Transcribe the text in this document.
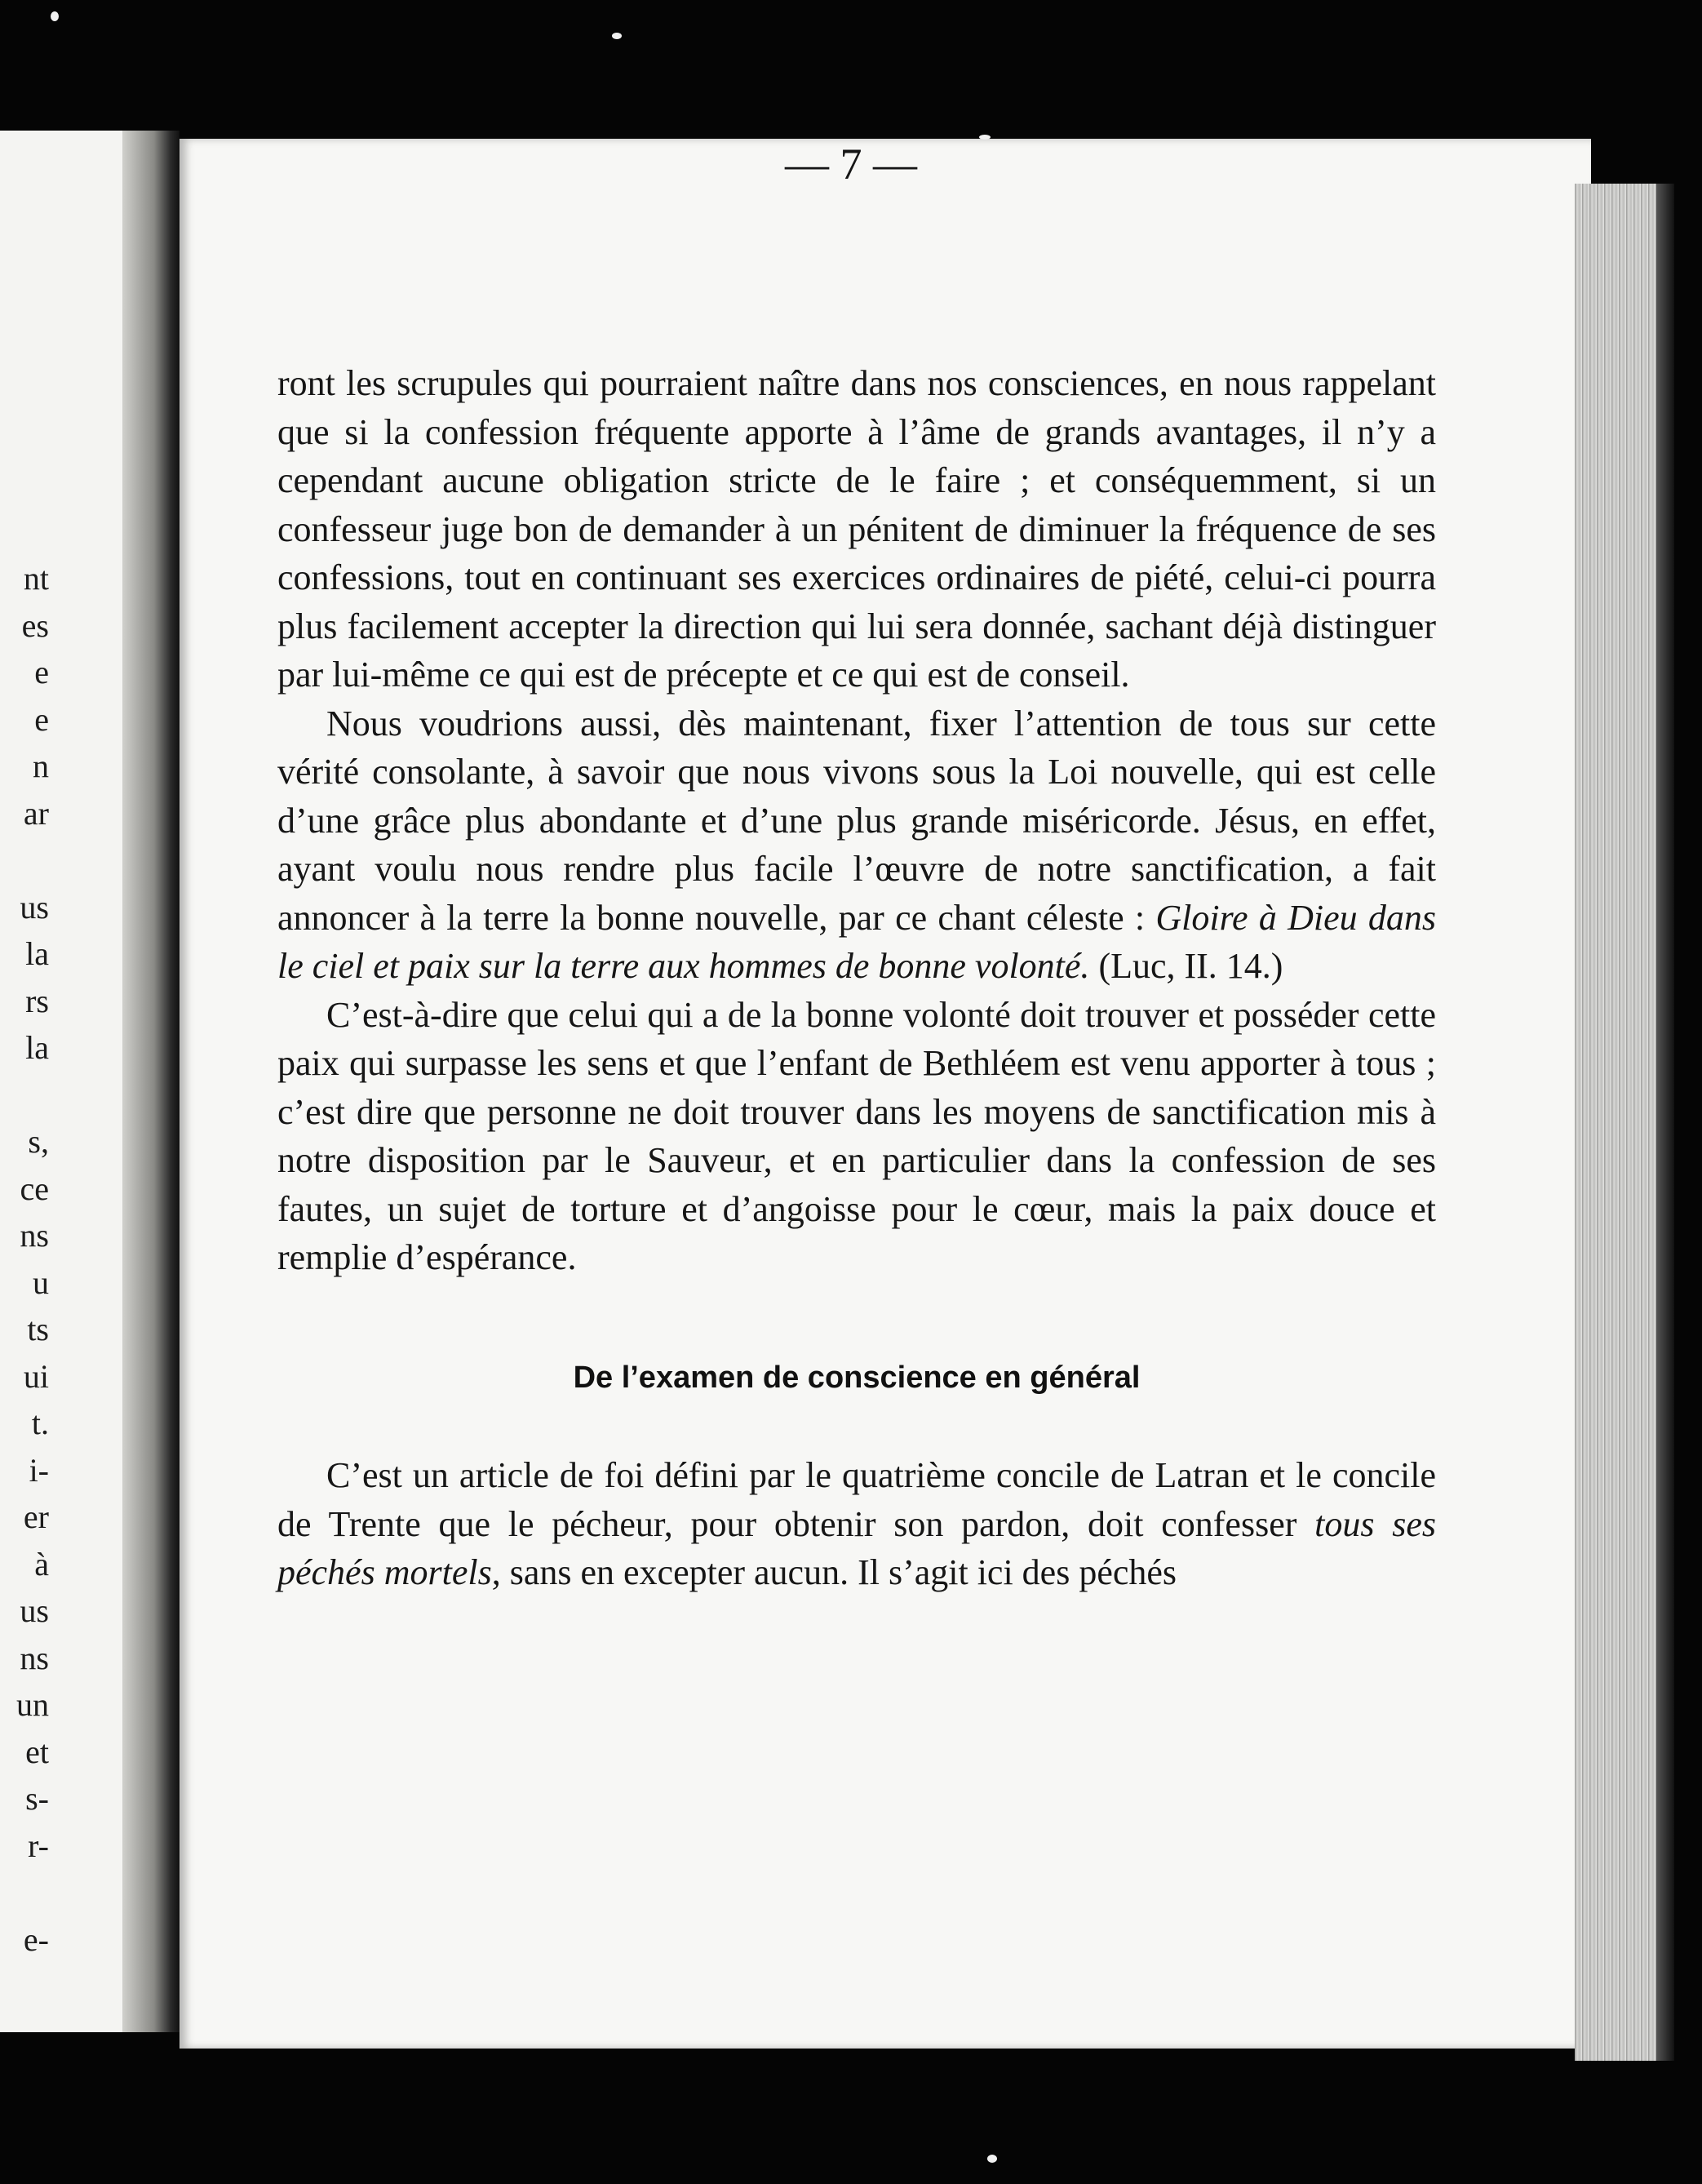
nt
es
e
e
n
ar
us
la
rs
la
s,
ce
ns
u
ts
ui
t.
i-
er
à
us
ns
un
et
s-
r-
e-
— 7 —

ront les scrupules qui pourraient naître dans nos consciences, en nous rappelant que si la confession fréquente apporte à l’âme de grands avantages, il n’y a cependant aucune obligation stricte de le faire ; et conséquemment, si un confesseur juge bon de demander à un pénitent de diminuer la fréquence de ses confessions, tout en continuant ses exercices ordinaires de piété, celui-ci pourra plus facilement accepter la direction qui lui sera donnée, sachant déjà distinguer par lui-même ce qui est de précepte et ce qui est de conseil.

Nous voudrions aussi, dès maintenant, fixer l’attention de tous sur cette vérité consolante, à savoir que nous vivons sous la Loi nouvelle, qui est celle d’une grâce plus abondante et d’une plus grande miséricorde. Jésus, en effet, ayant voulu nous rendre plus facile l’œuvre de notre sanctification, a fait annoncer à la terre la bonne nouvelle, par ce chant céleste : Gloire à Dieu dans le ciel et paix sur la terre aux hommes de bonne volonté. (Luc, II. 14.)

C’est-à-dire que celui qui a de la bonne volonté doit trouver et posséder cette paix qui surpasse les sens et que l’enfant de Bethléem est venu apporter à tous ; c’est dire que personne ne doit trouver dans les moyens de sanctification mis à notre disposition par le Sauveur, et en particulier dans la confession de ses fautes, un sujet de torture et d’angoisse pour le cœur, mais la paix douce et remplie d’espérance.

De l’examen de conscience en général

C’est un article de foi défini par le quatrième concile de Latran et le concile de Trente que le pécheur, pour obtenir son pardon, doit confesser tous ses péchés mortels, sans en excepter aucun. Il s’agit ici des péchés
